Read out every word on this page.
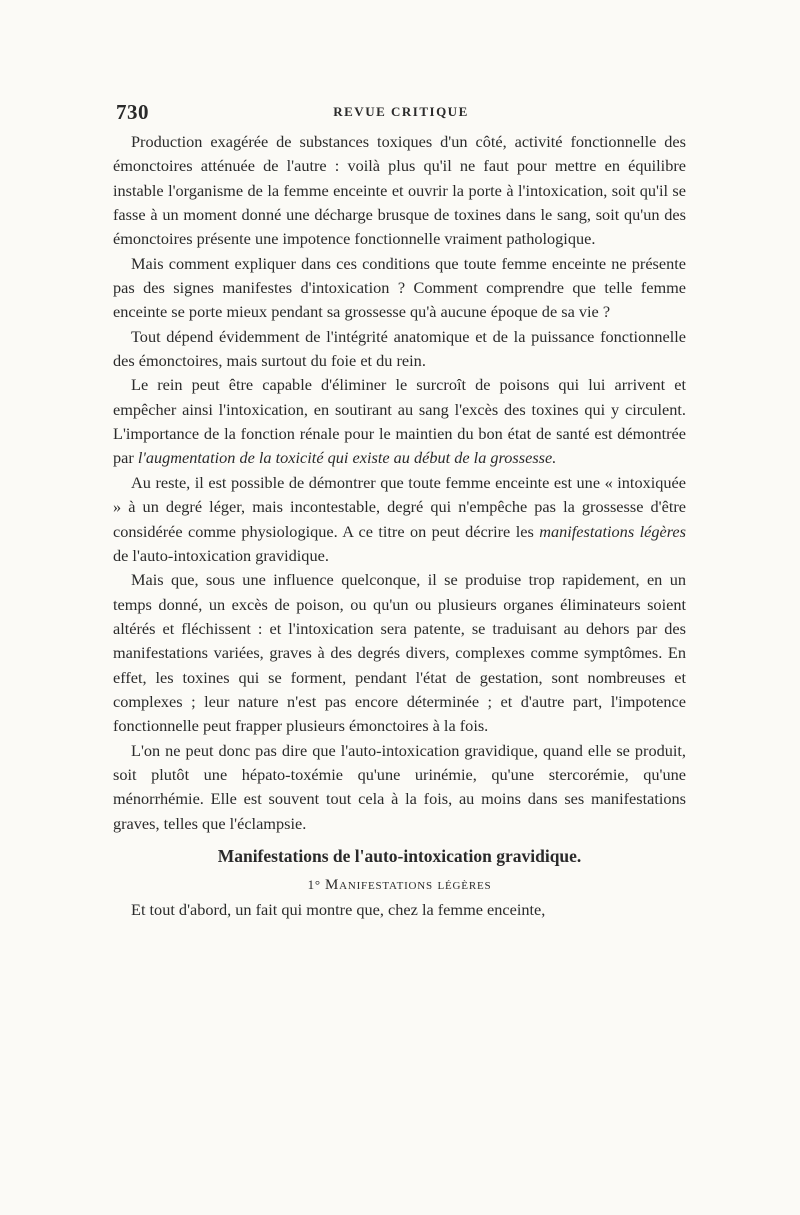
730	REVUE CRITIQUE

Production exagérée de substances toxiques d'un côté, activité fonctionnelle des émonctoires atténuée de l'autre : voilà plus qu'il ne faut pour mettre en équilibre instable l'organisme de la femme enceinte et ouvrir la porte à l'intoxication, soit qu'il se fasse à un moment donné une décharge brusque de toxines dans le sang, soit qu'un des émonctoires présente une impotence fonctionnelle vraiment pathologique.

Mais comment expliquer dans ces conditions que toute femme enceinte ne présente pas des signes manifestes d'intoxication ? Comment comprendre que telle femme enceinte se porte mieux pendant sa grossesse qu'à aucune époque de sa vie ?

Tout dépend évidemment de l'intégrité anatomique et de la puissance fonctionnelle des émonctoires, mais surtout du foie et du rein.

Le rein peut être capable d'éliminer le surcroît de poisons qui lui arrivent et empêcher ainsi l'intoxication, en soutirant au sang l'excès des toxines qui y circulent. L'importance de la fonction rénale pour le maintien du bon état de santé est démontrée par l'augmentation de la toxicité qui existe au début de la grossesse.

Au reste, il est possible de démontrer que toute femme enceinte est une « intoxiquée » à un degré léger, mais incontestable, degré qui n'empêche pas la grossesse d'être considérée comme physiologique. A ce titre on peut décrire les manifestations légères de l'auto-intoxication gravidique.

Mais que, sous une influence quelconque, il se produise trop rapidement, en un temps donné, un excès de poison, ou qu'un ou plusieurs organes éliminateurs soient altérés et fléchissent : et l'intoxication sera patente, se traduisant au dehors par des manifestations variées, graves à des degrés divers, complexes comme symptômes. En effet, les toxines qui se forment, pendant l'état de gestation, sont nombreuses et complexes ; leur nature n'est pas encore déterminée ; et d'autre part, l'impotence fonctionnelle peut frapper plusieurs émonctoires à la fois.

L'on ne peut donc pas dire que l'auto-intoxication gravidique, quand elle se produit, soit plutôt une hépato-toxémie qu'une urinémie, qu'une stercorémie, qu'une ménorrhémie. Elle est souvent tout cela à la fois, au moins dans ses manifestations graves, telles que l'éclampsie.

Manifestations de l'auto-intoxication gravidique.
1° Manifestations légères

Et tout d'abord, un fait qui montre que, chez la femme enceinte,
